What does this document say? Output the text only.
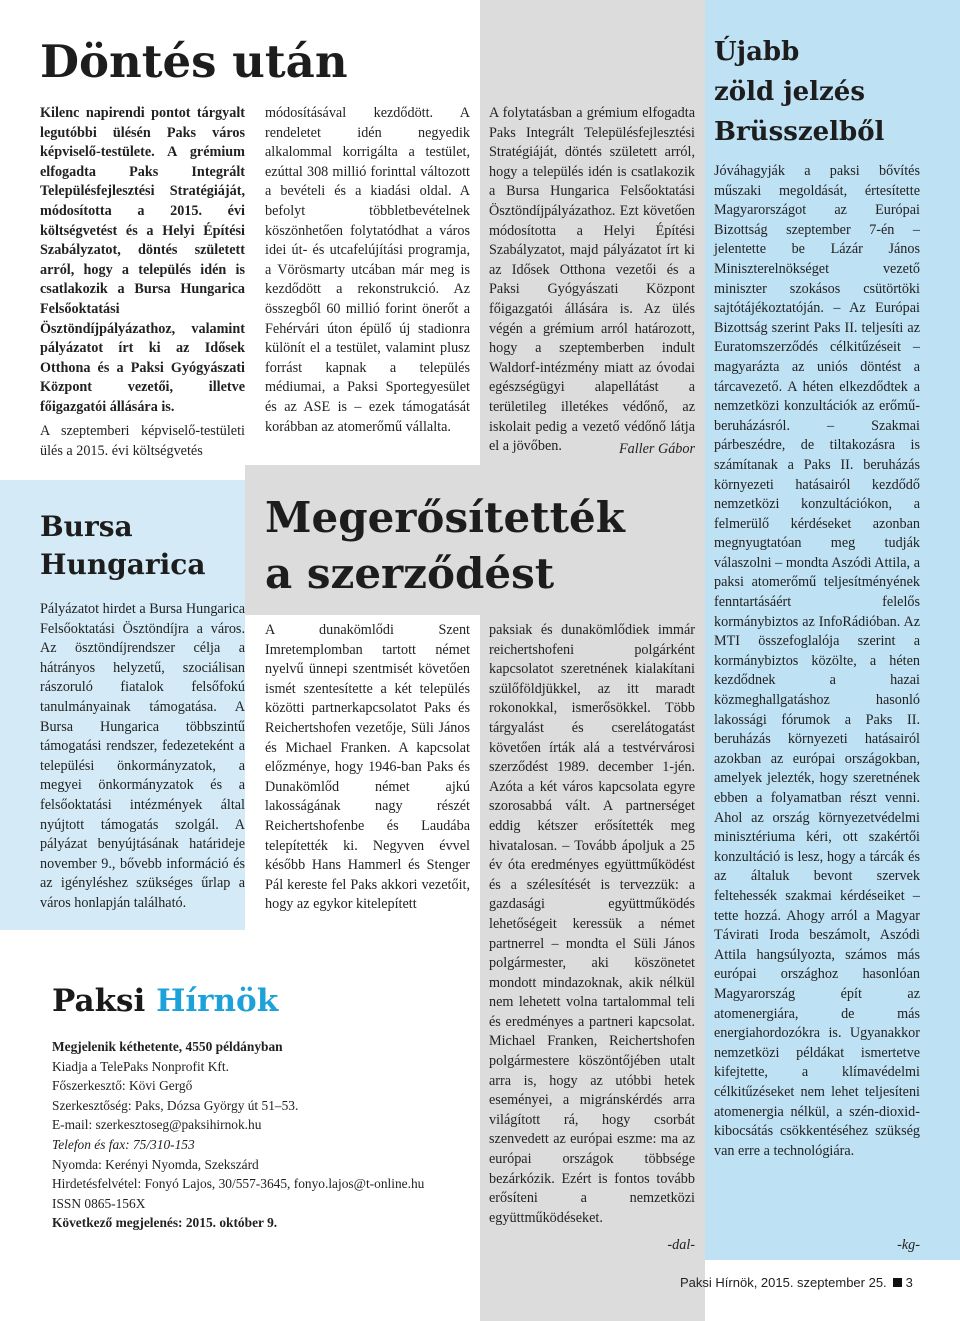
Döntés után
Kilenc napirendi pontot tárgyalt legutóbbi ülésén Paks város képviselő-testülete. A grémium elfogadta Paks Integrált Településfejlesztési Stratégiáját, módosította a 2015. évi költségvetést és a Helyi Építési Szabályzatot, döntés született arról, hogy a település idén is csatlakozik a Bursa Hungarica Felsőoktatási Ösztöndíjpályázathoz, valamint pályázatot írt ki az Idősek Otthona és a Paksi Gyógyászati Központ vezetői, illetve főigazgatói állására is.
A szeptemberi képviselő-testületi ülés a 2015. évi költségvetés
módosításával kezdődött. A rendeletet idén negyedik alkalommal korrigálta a testület, ezúttal 308 millió forinttal változott a bevételi és a kiadási oldal. A befolyt többletbevételnek köszönhetően folytatódhat a város idei út- és utcafelújítási programja, a Vörösmarty utcában már meg is kezdődött a rekonstrukció. Az összegből 60 millió forint önerőt a Fehérvári úton épülő új stadionra különít el a testület, valamint plusz forrást kapnak a település médiumai, a Paksi Sportegyesület és az ASE is – ezek támogatását korábban az atomerőmű vállalta.
A folytatásban a grémium elfogadta Paks Integrált Településfejlesztési Stratégiáját, döntés született arról, hogy a település idén is csatlakozik a Bursa Hungarica Felsőoktatási Ösztöndíjpályázathoz. Ezt követően módosította a Helyi Építési Szabályzatot, majd pályázatot írt ki az Idősek Otthona vezetői és a Paksi Gyógyászati Központ főigazgatói állására is. Az ülés végén a grémium arról határozott, hogy a szeptemberben indult Waldorf-intézmény miatt az óvodai egészségügyi alapellátást a területileg illetékes védőnő, az iskolait pedig a vezető védőnő látja el a jövőben.	Faller Gábor
Bursa
Hungarica
Pályázatot hirdet a Bursa Hungarica Felsőoktatási Ösztöndíjra a város. Az ösztöndíjrendszer célja a hátrányos helyzetű, szociálisan rászoruló fiatalok felsőfokú tanulmányainak támogatása. A Bursa Hungarica többszintű támogatási rendszer, fedezeteként a települési önkormányzatok, a megyei önkormányzatok és a felsőoktatási intézmények által nyújtott támogatás szolgál. A pályázat benyújtásának határideje november 9., bővebb információ és az igényléshez szükséges űrlap a város honlapján található.
Megerősítették
a szerződést
A dunakömlődi Szent Imretemplomban tartott német nyelvű ünnepi szentmisét követően ismét szentesítette a két település közötti partnerkapcsolatot Paks és Reichertshofen vezetője, Süli János és Michael Franken. A kapcsolat előzménye, hogy 1946-ban Paks és Dunakömlőd német ajkú lakosságának nagy részét Reichertshofenbe és Laudába telepítették ki. Negyven évvel később Hans Hammerl és Stenger Pál kereste fel Paks akkori vezetőit, hogy az egykor kitelepített
paksiak és dunakömlődiek immár reichertshofeni polgárként kapcsolatot szeretnének kialakítani szülőföldjükkel, az itt maradt rokonokkal, ismerősökkel. Több tárgyalást és cserelátogatást követően írták alá a testvérvárosi szerződést 1989. december 1-jén. Azóta a két város kapcsolata egyre szorosabbá vált. A partnerséget eddig kétszer erősítették meg hivatalosan. – Tovább ápoljuk a 25 év óta eredményes együttműködést és a szélesítését is tervezzük: a gazdasági együttműködés lehetőségeit keressük a német partnerrel – mondta el Süli János polgármester, aki köszönetet mondott mindazoknak, akik nélkül nem lehetett volna tartalommal teli és eredményes a partneri kapcsolat. Michael Franken, Reichertshofen polgármestere köszöntőjében utalt arra is, hogy az utóbbi hetek eseményei, a migránskérdés arra világított rá, hogy csorbát szenvedett az európai eszme: ma az európai országok többsége bezárkózik. Ezért is fontos tovább erősíteni a nemzetközi együttműködéseket.
-dal-
Újabb
zöld jelzés
Brüsszelből
Jóváhagyják a paksi bővítés műszaki megoldását, értesítette Magyarországot az Európai Bizottság szeptember 7-én – jelentette be Lázár János Miniszterelnökséget vezető miniszter szokásos csütörtöki sajtótájékoztatóján. – Az Európai Bizottság szerint Paks II. teljesíti az Euratomszerződés célkitűzéseit – magyarázta az uniós döntést a tárcavezető. A héten elkezdődtek a nemzetközi konzultációk az erőmű-beruházásról. – Szakmai párbeszédre, de tiltakozásra is számítanak a Paks II. beruházás környezeti hatásairól kezdődő nemzetközi konzultációkon, a felmerülő kérdéseket azonban megnyugtatóan meg tudják válaszolni – mondta Aszódi Attila, a paksi atomerőmű teljesítményének fenntartásáért felelős kormánybiztos az InfoRádióban. Az MTI összefoglalója szerint a kormánybiztos közölte, a héten kezdődnek a hazai közmeghallgatáshoz hasonló lakossági fórumok a Paks II. beruházás környezeti hatásairól azokban az európai országokban, amelyek jelezték, hogy szeretnének ebben a folyamatban részt venni. Ahol az ország környezetvédelmi minisztériuma kéri, ott szakértői konzultáció is lesz, hogy a tárcák és az általuk bevont szervek feltehessék szakmai kérdéseiket – tette hozzá. Ahogy arról a Magyar Távirati Iroda beszámolt, Aszódi Attila hangsúlyozta, számos más európai országhoz hasonlóan Magyarország épít az atomenergiára, de más energiahordozókra is. Ugyanakkor nemzetközi példákat ismertetve kifejtette, a klímavédelmi célkitűzéseket nem lehet teljesíteni atomenergia nélkül, a szén-dioxid-kibocsátás csökkentéséhez szükség van erre a technológiára.
-kg-
Paksi Hírnök
Megjelenik kéthetente, 4550 példányban
Kiadja a TelePaks Nonprofit Kft.
Főszerkesztő: Kövi Gergő
Szerkesztőség: Paks, Dózsa György út 51–53.
E-mail: szerkesztoseg@paksihirnok.hu
Telefon és fax: 75/310-153
Nyomda: Kerényi Nyomda, Szekszárd
Hirdetésfelvétel: Fonyó Lajos, 30/557-3645, fonyo.lajos@t-online.hu
ISSN 0865-156X
Következő megjelenés: 2015. október 9.
Paksi Hírnök, 2015. szeptember 25. 3
